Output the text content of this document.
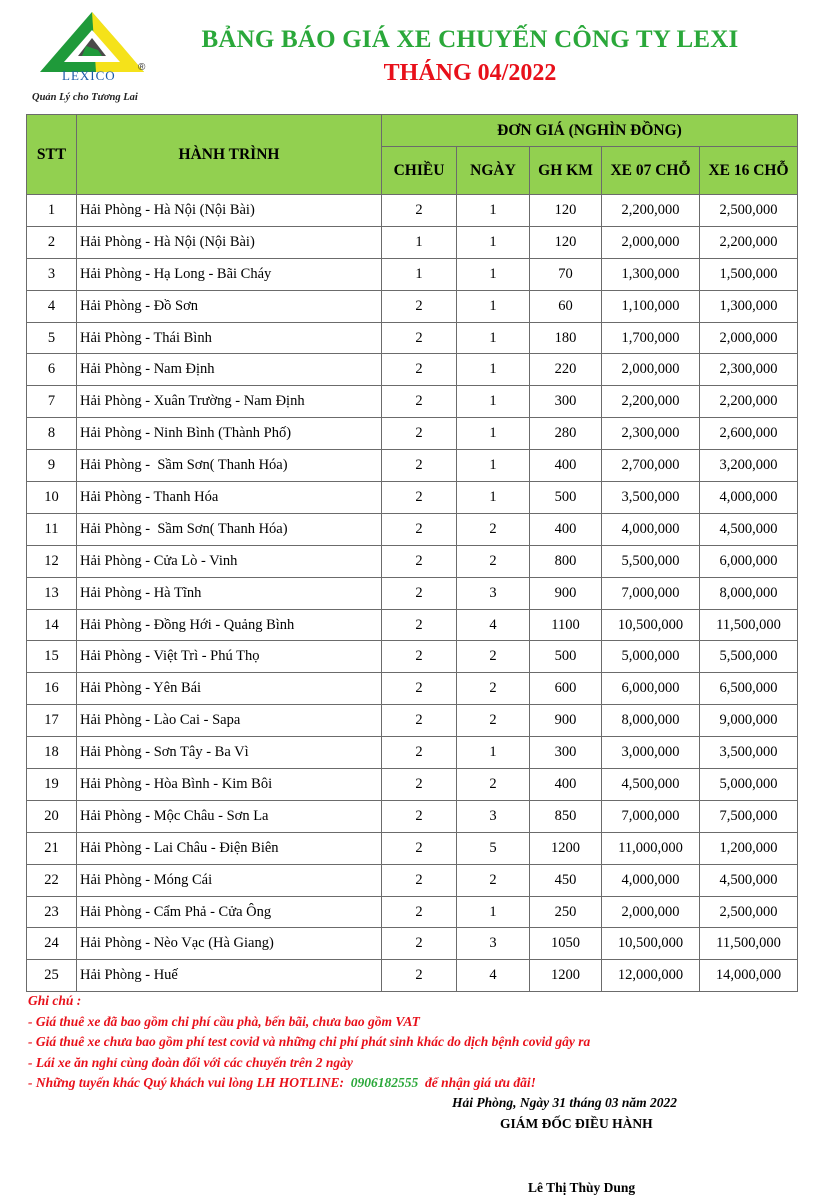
LEXICO
®
Quản Lý cho Tương Lai
BẢNG BÁO GIÁ XE CHUYẾN CÔNG TY LEXI
THÁNG 04/2022
STT	HÀNH TRÌNH	ĐƠN GIÁ (NGHÌN ĐỒNG)				
		CHIỀU	NGÀY	GH KM	XE 07 CHỖ	XE 16 CHỖ
1	Hải Phòng - Hà Nội (Nội Bài)	2	1	120	2,200,000	2,500,000
2	Hải Phòng - Hà Nội (Nội Bài)	1	1	120	2,000,000	2,200,000
3	Hải Phòng - Hạ Long - Bãi Cháy	1	1	70	1,300,000	1,500,000
4	Hải Phòng - Đồ Sơn	2	1	60	1,100,000	1,300,000
5	Hải Phòng - Thái Bình	2	1	180	1,700,000	2,000,000
6	Hải Phòng - Nam Định	2	1	220	2,000,000	2,300,000
7	Hải Phòng - Xuân Trường - Nam Định	2	1	300	2,200,000	2,200,000
8	Hải Phòng - Ninh Bình (Thành Phố)	2	1	280	2,300,000	2,600,000
9	Hải Phòng -  Sầm Sơn( Thanh Hóa)	2	1	400	2,700,000	3,200,000
10	Hải Phòng - Thanh Hóa	2	1	500	3,500,000	4,000,000
11	Hải Phòng -  Sầm Sơn( Thanh Hóa)	2	2	400	4,000,000	4,500,000
12	Hải Phòng - Cửa Lò - Vinh	2	2	800	5,500,000	6,000,000
13	Hải Phòng - Hà Tĩnh	2	3	900	7,000,000	8,000,000
14	Hải Phòng - Đồng Hới - Quảng Bình	2	4	1100	10,500,000	11,500,000
15	Hải Phòng - Việt Trì - Phú Thọ	2	2	500	5,000,000	5,500,000
16	Hải Phòng - Yên Bái	2	2	600	6,000,000	6,500,000
17	Hải Phòng - Lào Cai - Sapa	2	2	900	8,000,000	9,000,000
18	Hải Phòng - Sơn Tây - Ba Vì	2	1	300	3,000,000	3,500,000
19	Hải Phòng - Hòa Bình - Kim Bôi	2	2	400	4,500,000	5,000,000
20	Hải Phòng - Mộc Châu - Sơn La	2	3	850	7,000,000	7,500,000
21	Hải Phòng - Lai Châu - Điện Biên	2	5	1200	11,000,000	1,200,000
22	Hải Phòng - Móng Cái	2	2	450	4,000,000	4,500,000
23	Hải Phòng - Cẩm Phả - Cửa Ông	2	1	250	2,000,000	2,500,000
24	Hải Phòng - Nèo Vạc (Hà Giang)	2	3	1050	10,500,000	11,500,000
25	Hải Phòng - Huế	2	4	1200	12,000,000	14,000,000
Ghi chú :
- Giá thuê xe đã bao gồm chi phí cầu phà, bến bãi, chưa bao gồm VAT
- Giá thuê xe chưa bao gồm phí test covid và những chi phí phát sinh khác do dịch bệnh covid gây ra
- Lái xe ăn nghỉ cùng đoàn đối với các chuyến trên 2 ngày
- Những tuyến khác Quý khách vui lòng LH HOTLINE:  0906182555  để nhận giá ưu đãi!
Hải Phòng, Ngày 31 tháng 03 năm 2022
GIÁM ĐỐC ĐIỀU HÀNH
Lê Thị Thùy Dung
